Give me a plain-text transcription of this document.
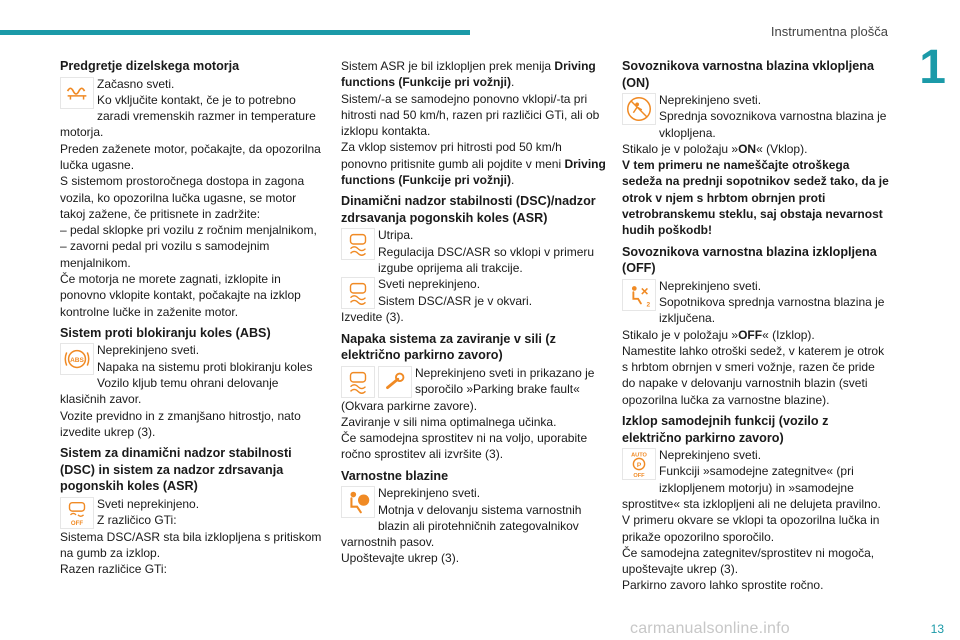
Instrumentna plošča
1
Predgretje dizelskega motorja
Začasno sveti.
Ko vključite kontakt, če je to potrebno zaradi vremenskih razmer in temperature motorja.
Preden zaženete motor, počakajte, da opozorilna lučka ugasne.
S sistemom prostoročnega dostopa in zagona vozila, ko opozorilna lučka ugasne, se motor takoj zažene, če pritisnete in zadržite:
– pedal sklopke pri vozilu z ročnim menjalnikom,
– zavorni pedal pri vozilu s samodejnim menjalnikom.
Če motorja ne morete zagnati, izklopite in ponovno vklopite kontakt, počakajte na izklop kontrolne lučke in zaženite motor.
Sistem proti blokiranju koles (ABS)
ABS
Neprekinjeno sveti.
Napaka na sistemu proti blokiranju koles
Vozilo kljub temu ohrani delovanje klasičnih zavor.
Vozite previdno in z zmanjšano hitrostjo, nato izvedite ukrep (3).
Sistem za dinamični nadzor stabilnosti (DSC) in sistem za nadzor zdrsavanja pogonskih koles (ASR)
OFF
Sveti neprekinjeno.
Z različico GTi:
Sistema DSC/ASR sta bila izklopljena s pritiskom na gumb za izklop.
Razen različice GTi:
Sistem ASR je bil izklopljen prek menija Driving functions (Funkcije pri vožnji).
Sistem/-a se samodejno ponovno vklopi/-ta pri hitrosti nad 50 km/h, razen pri različici GTi, ali ob izklopu kontakta.
Za vklop sistemov pri hitrosti pod 50 km/h ponovno pritisnite gumb ali pojdite v meni Driving functions (Funkcije pri vožnji).
Dinamični nadzor stabilnosti (DSC)/nadzor zdrsavanja pogonskih koles (ASR)
Utripa.
Regulacija DSC/ASR so vklopi v primeru izgube oprijema ali trakcije.
Sveti neprekinjeno.
Sistem DSC/ASR je v okvari.
Izvedite (3).
Napaka sistema za zaviranje v sili (z električno parkirno zavoro)
Neprekinjeno sveti in prikazano je sporočilo »Parking brake fault«
(Okvara parkirne zavore).
Zaviranje v sili nima optimalnega učinka.
Če samodejna sprostitev ni na voljo, uporabite ročno sprostitev ali izvršite (3).
Varnostne blazine
Neprekinjeno sveti.
Motnja v delovanju sistema varnostnih blazin ali pirotehničnih zategovalnikov varnostnih pasov.
Upoštevajte ukrep (3).
Sovoznikova varnostna blazina vklopljena (ON)
Neprekinjeno sveti.
Sprednja sovoznikova varnostna blazina je vklopljena.
Stikalo je v položaju »ON« (Vklop).
V tem primeru ne nameščajte otroškega sedeža na prednji sopotnikov sedež tako, da je otrok v njem s hrbtom obrnjen proti vetrobranskemu steklu, saj obstaja nevarnost hudih poškodb!
Sovoznikova varnostna blazina izklopljena (OFF)
2
Neprekinjeno sveti.
Sopotnikova sprednja varnostna blazina je izključena.
Stikalo je v položaju »OFF« (Izklop).
Namestite lahko otroški sedež, v katerem je otrok s hrbtom obrnjen v smeri vožnje, razen če pride do napake v delovanju varnostnih blazin (sveti opozorilna lučka za varnostne blazine).
Izklop samodejnih funkcij (vozilo z električno parkirno zavoro)
AUTO
P
OFF
Neprekinjeno sveti.
Funkciji »samodejne zategnitve« (pri izklopljenem motorju) in »samodejne sprostitve« sta izklopljeni ali ne delujeta pravilno.
V primeru okvare se vklopi ta opozorilna lučka in prikaže opozorilno sporočilo.
Če samodejna zategnitev/sprostitev ni mogoča, upoštevajte ukrep (3).
Parkirno zavoro lahko sprostite ročno.
carmanualsonline.info	13
